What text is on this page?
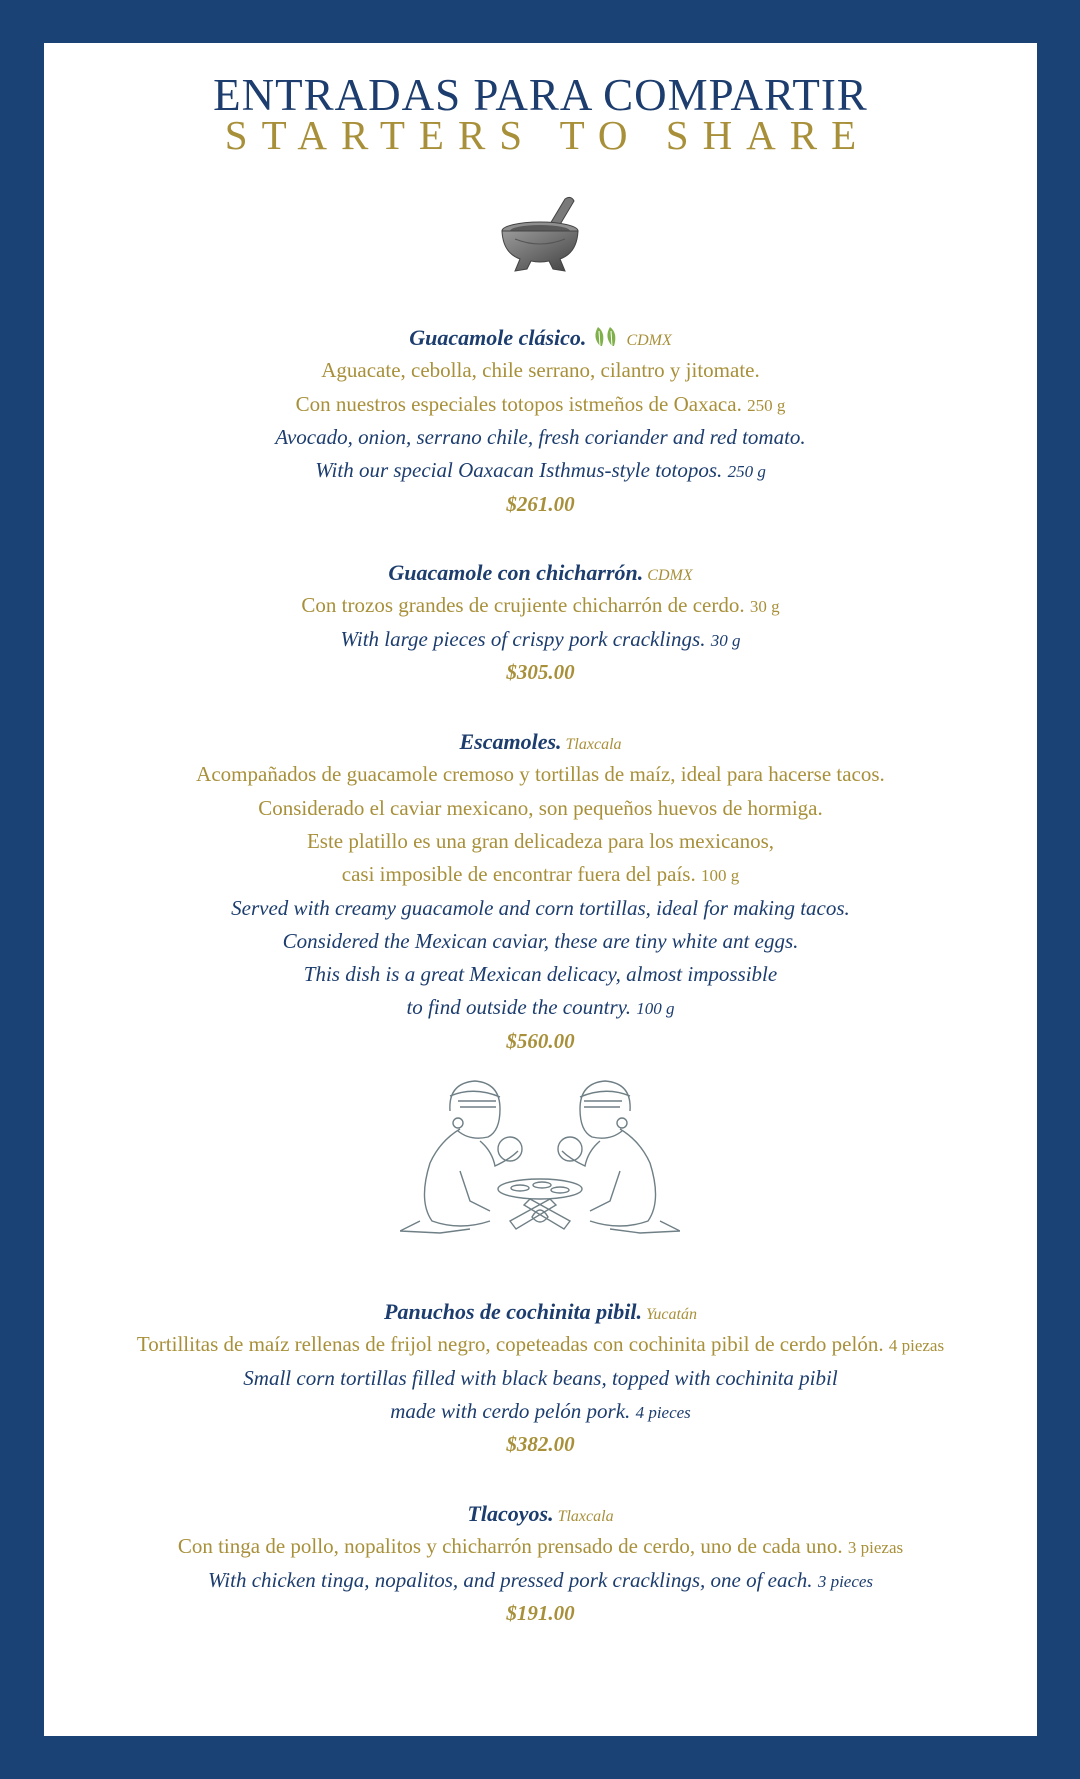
ENTRADAS PARA COMPARTIR
STARTERS TO SHARE
Guacamole clásico.	CDMX
Aguacate, cebolla, chile serrano, cilantro y jitomate.
Con nuestros especiales totopos istmeños de Oaxaca. 250 g
Avocado, onion, serrano chile, fresh coriander and red tomato.
With our special Oaxacan Isthmus-style totopos. 250 g
$261.00
Guacamole con chicharrón. CDMX
Con trozos grandes de crujiente chicharrón de cerdo. 30 g
With large pieces of crispy pork cracklings. 30 g
$305.00
Escamoles. Tlaxcala
Acompañados de guacamole cremoso y tortillas de maíz, ideal para hacerse tacos.
Considerado el caviar mexicano, son pequeños huevos de hormiga.
Este platillo es una gran delicadeza para los mexicanos,
casi imposible de encontrar fuera del país. 100 g
Served with creamy guacamole and corn tortillas, ideal for making tacos.
Considered the Mexican caviar, these are tiny white ant eggs.
This dish is a great Mexican delicacy, almost impossible
to find outside the country. 100 g
$560.00
Panuchos de cochinita pibil. Yucatán
Tortillitas de maíz rellenas de frijol negro, copeteadas con cochinita pibil de cerdo pelón. 4 piezas
Small corn tortillas filled with black beans, topped with cochinita pibil
made with cerdo pelón pork. 4 pieces
$382.00
Tlacoyos. Tlaxcala
Con tinga de pollo, nopalitos y chicharrón prensado de cerdo, uno de cada uno. 3 piezas
With chicken tinga, nopalitos, and pressed pork cracklings, one of each. 3 pieces
$191.00
